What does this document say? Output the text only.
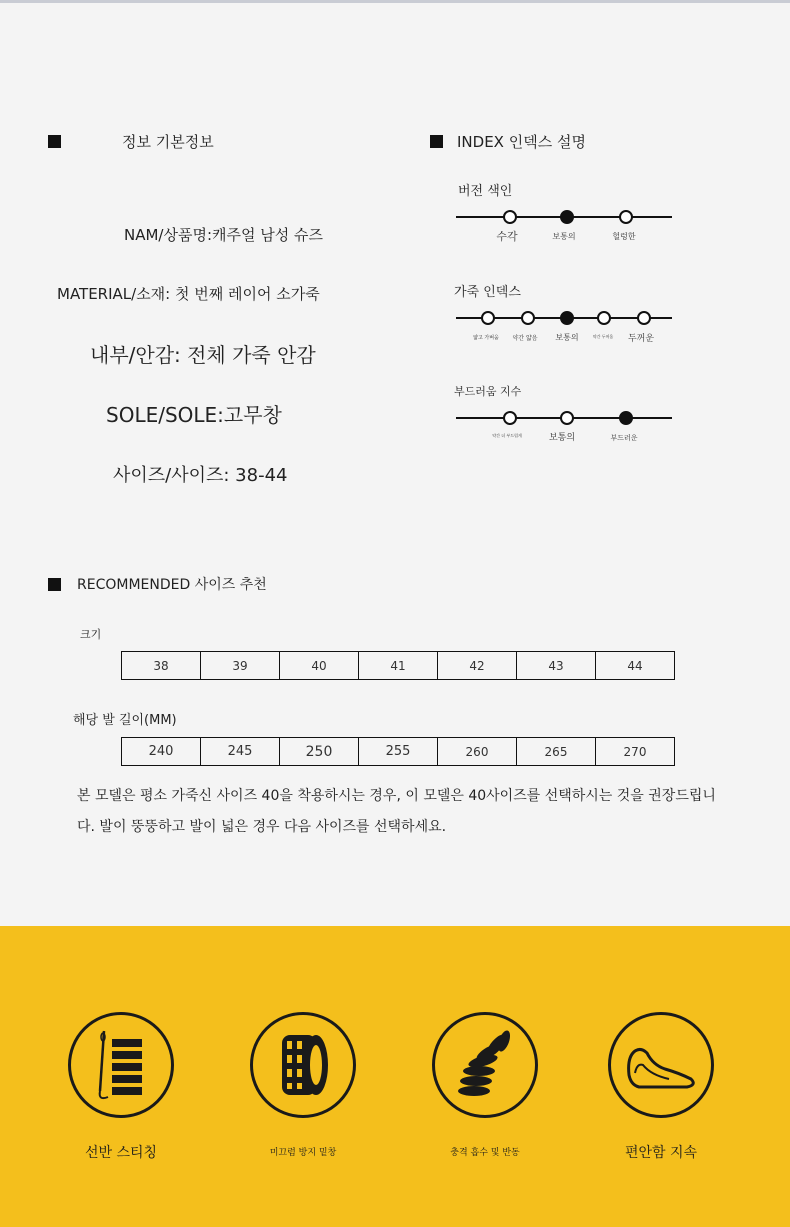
정보 기본정보
NAM/상품명:캐주얼 남성 슈즈
MATERIAL/소재: 첫 번째 레이어 소가죽
내부/안감: 전체 가죽 안감
SOLE/SOLE:고무창
사이즈/사이즈: 38-44
INDEX 인덱스 설명
버전 색인
수각	보통의	헐렁한
가죽 인덱스
얇고 가벼움 약간 얇음 보통의	약간 두꺼움 두꺼운
부드러움 지수
약간 더 부드럽게	보통의	부드러운
RECOMMENDED 사이즈 추천
크기
38	39	40	41	42	43	44
해당 발 길이(MM)
240	245	250	255	260	265	270
본 모델은 평소 가죽신 사이즈 40을 착용하시는 경우, 이 모델은 40사이즈를 선택하시는 것을 권장드립니
다. 발이 뚱뚱하고 발이 넓은 경우 다음 사이즈를 선택하세요.
선반 스티칭	미끄럼 방지 밑창	충격 흡수 및 반동	편안함 지속
